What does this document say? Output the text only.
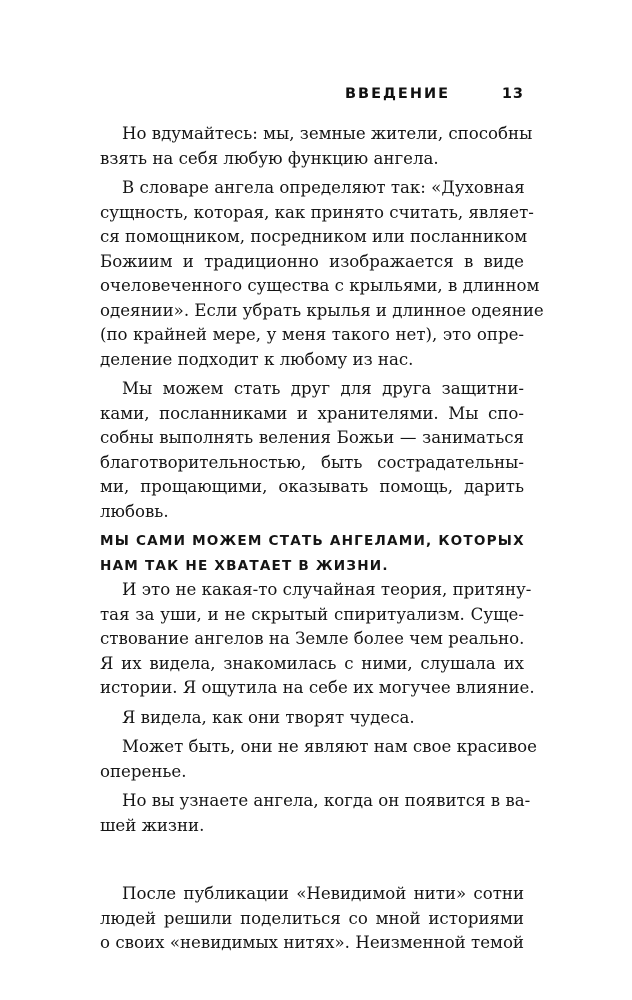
ВВЕДЕНИЕ	13
Но вдумайтесь: мы, земные жители, способны
взять на себя любую функцию ангела.
В словаре ангела определяют так: «Духовная
сущность, которая, как принято считать, являет-
ся помощником, посредником или посланником
Божиим и традиционно изображается в виде
очеловеченного существа с крыльями, в длинном
одеянии». Если убрать крылья и длинное одеяние
(по крайней мере, у меня такого нет), это опре-
деление подходит к любому из нас.
Мы можем стать друг для друга защитни-
ками, посланниками и хранителями. Мы спо-
собны выполнять веления Божьи — заниматься
благотворительностью, быть сострадательны-
ми, прощающими, оказывать помощь, дарить
любовь.
МЫ САМИ МОЖЕМ СТАТЬ АНГЕЛАМИ, КОТОРЫХ
НАМ ТАК НЕ ХВАТАЕТ В ЖИЗНИ.
И это не какая-то случайная теория, притяну-
тая за уши, и не скрытый спиритуализм. Суще-
ствование ангелов на Земле более чем реально.
Я их видела, знакомилась с ними, слушала их
истории. Я ощутила на себе их могучее влияние.
Я видела, как они творят чудеса.
Может быть, они не являют нам свое красивое
оперенье.
Но вы узнаете ангела, когда он появится в ва-
шей жизни.
После публикации «Невидимой нити» сотни
людей решили поделиться со мной историями
о своих «невидимых нитях». Неизменной темой
